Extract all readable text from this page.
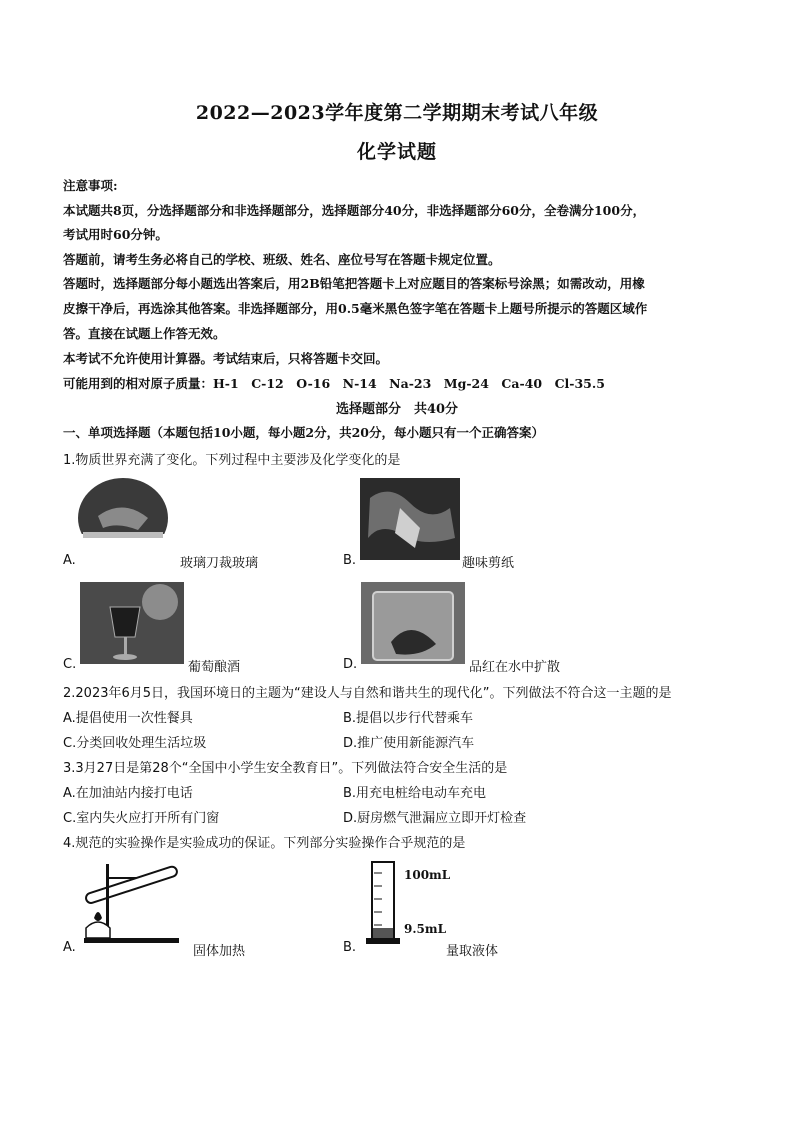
2022—2023学年度第二学期期末考试八年级
化学试题
注意事项:
本试题共8页，分选择题部分和非选择题部分，选择题部分40分，非选择题部分60分，全卷满分100分，
考试用时60分钟。
答题前，请考生务必将自己的学校、班级、姓名、座位号写在答题卡规定位置。
答题时，选择题部分每小题选出答案后，用2B铅笔把答题卡上对应题目的答案标号涂黑；如需改动，用橡
皮擦干净后，再选涂其他答案。非选择题部分，用0.5毫米黑色签字笔在答题卡上题号所提示的答题区域作
答。直接在试题上作答无效。
本考试不允许使用计算器。考试结束后，只将答题卡交回。
可能用到的相对原子质量：H-1　C-12　O-16　N-14　Na-23　Mg-24　Ca-40　Cl-35.5
选择题部分　共40分
一、单项选择题（本题包括10小题，每小题2分，共20分，每小题只有一个正确答案）
1.物质世界充满了变化。下列过程中主要涉及化学变化的是
A.	玻璃刀裁玻璃	B.	趣味剪纸
C.	葡萄酿酒	D.	品红在水中扩散
2.2023年6月5日，我国环境日的主题为“建设人与自然和谐共生的现代化”。下列做法不符合这一主题的是
A.提倡使用一次性餐具	B.提倡以步行代替乘车
C.分类回收处理生活垃圾	D.推广使用新能源汽车
3.3月27日是第28个“全国中小学生安全教育日”。下列做法符合安全生活的是
A.在加油站内接打电话	B.用充电桩给电动车充电
C.室内失火应打开所有门窗	D.厨房燃气泄漏应立即开灯检查
4.规范的实验操作是实验成功的保证。下列部分实验操作合乎规范的是
A.	固体加热
100mL
9.5mL
B.	量取液体
